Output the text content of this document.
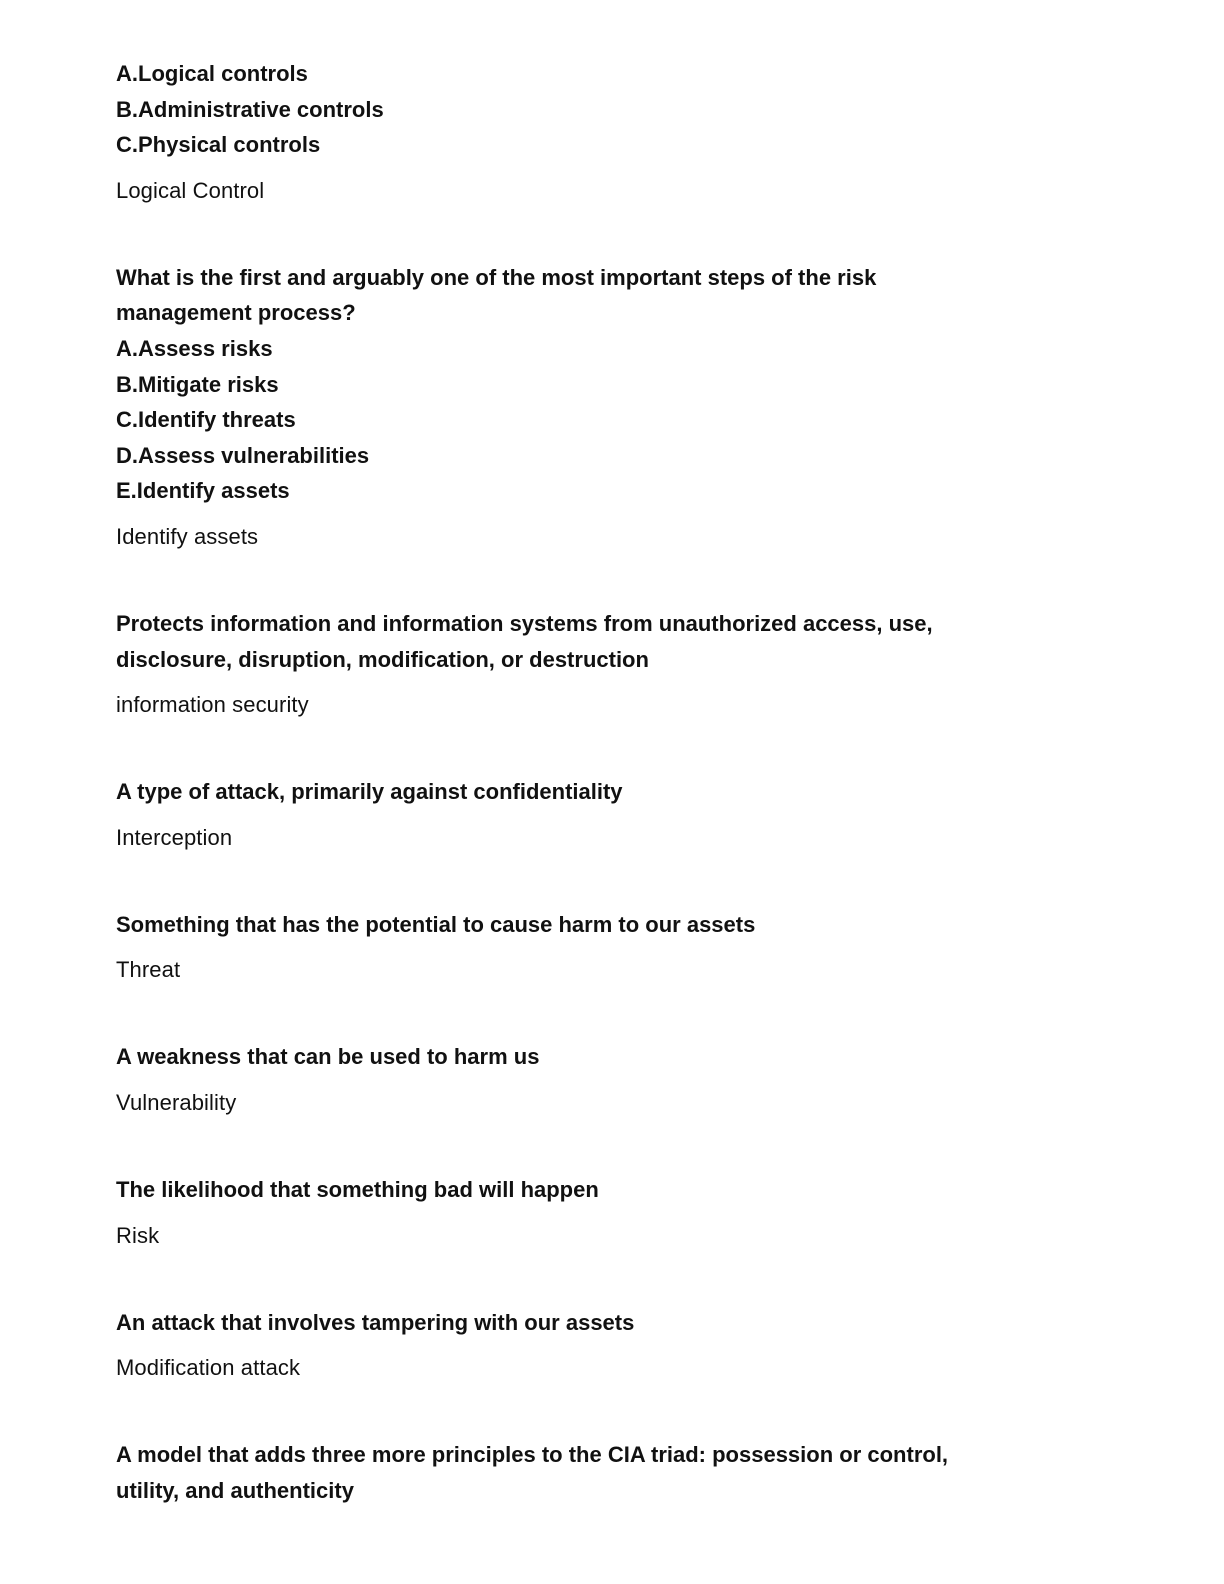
A.Logical controls
B.Administrative controls
C.Physical controls
Logical Control
What is the first and arguably one of the most important steps of the risk
management process?
A.Assess risks
B.Mitigate risks
C.Identify threats
D.Assess vulnerabilities
E.Identify assets
Identify assets
Protects information and information systems from unauthorized access, use,
disclosure, disruption, modification, or destruction
information security
A type of attack, primarily against confidentiality
Interception
Something that has the potential to cause harm to our assets
Threat
A weakness that can be used to harm us
Vulnerability
The likelihood that something bad will happen
Risk
An attack that involves tampering with our assets
Modification attack
A model that adds three more principles to the CIA triad: possession or control,
utility, and authenticity
